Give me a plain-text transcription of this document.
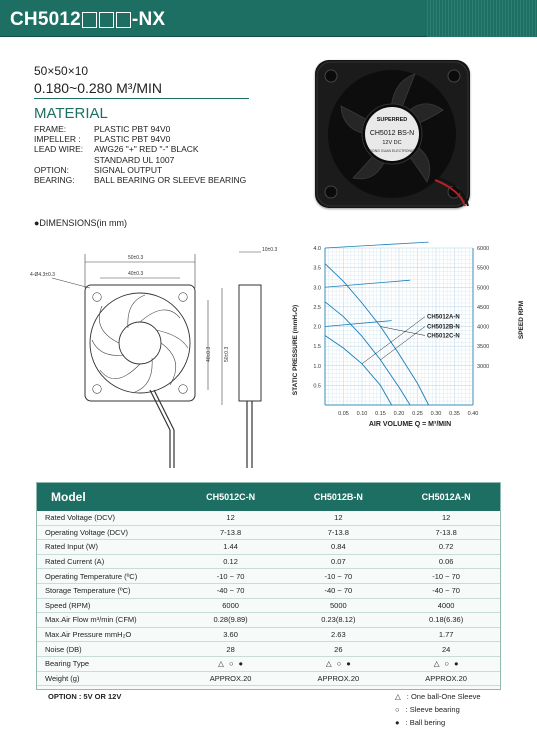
CH5012	-NX
50×50×10
0.180~0.280 M³/MIN
MATERIAL
FRAME:	PLASTIC PBT 94V0
IMPELLER :	PLASTIC PBT 94V0
LEAD WIRE:	AWG26 "+" RED "-" BLACK
STANDARD UL 1007
OPTION:	SIGNAL OUTPUT
BEARING:	BALL BEARING OR SLEEVE BEARING
SUPERRED
CH5012 BS-N
12V DC
DONG GUAN ELECTRONIC
●DIMENSIONS(in mm)
4-Ø4.3±0.3
50±0.3
40±0.3
10±0.3
40±0.3 50±0.3
0.05 0.10 0.15 0.20 0.25 0.30 0.35 0.40
0.5
1.0
1.5
2.0
2.5
3.0
3.5
4.0
3000
3500
4000
4500
5000
5500
6000
CH5012A-N
CH5012B-N
CH5012C-N
AIR VOLUME Q = M³/MIN
STATIC PRESSURE (mmH₂O)	SPEED RPM
Model	CH5012C-N	CH5012B-N	CH5012A-N
Rated Voltage (DCV)	12	12	12
Operating Voltage (DCV)	7-13.8	7-13.8	7-13.8
Rated Input (W)	1.44	0.84	0.72
Rated Current (A)	0.12	0.07	0.06
Operating Temperature (ºC)	-10 ~ 70	-10 ~ 70	-10 ~ 70
Storage Temperature (ºC)	-40 ~ 70	-40 ~ 70	-40 ~ 70
Speed (RPM)	6000	5000	4000
Max.Air Flow m³/min (CFM)	0.28(9.89)	0.23(8.12)	0.18(6.36)
Max.Air Pressure mmH₂O	3.60	2.63	1.77
Noise (DB)	28	26	24
Bearing Type	△ ○ ●	△ ○ ●	△ ○ ●
Weight (g)	APPROX.20	APPROX.20	APPROX.20
OPTION : 5V OR 12V	△ : One ball-One Sleeve
○ : Sleeve bearing
● : Ball bering
